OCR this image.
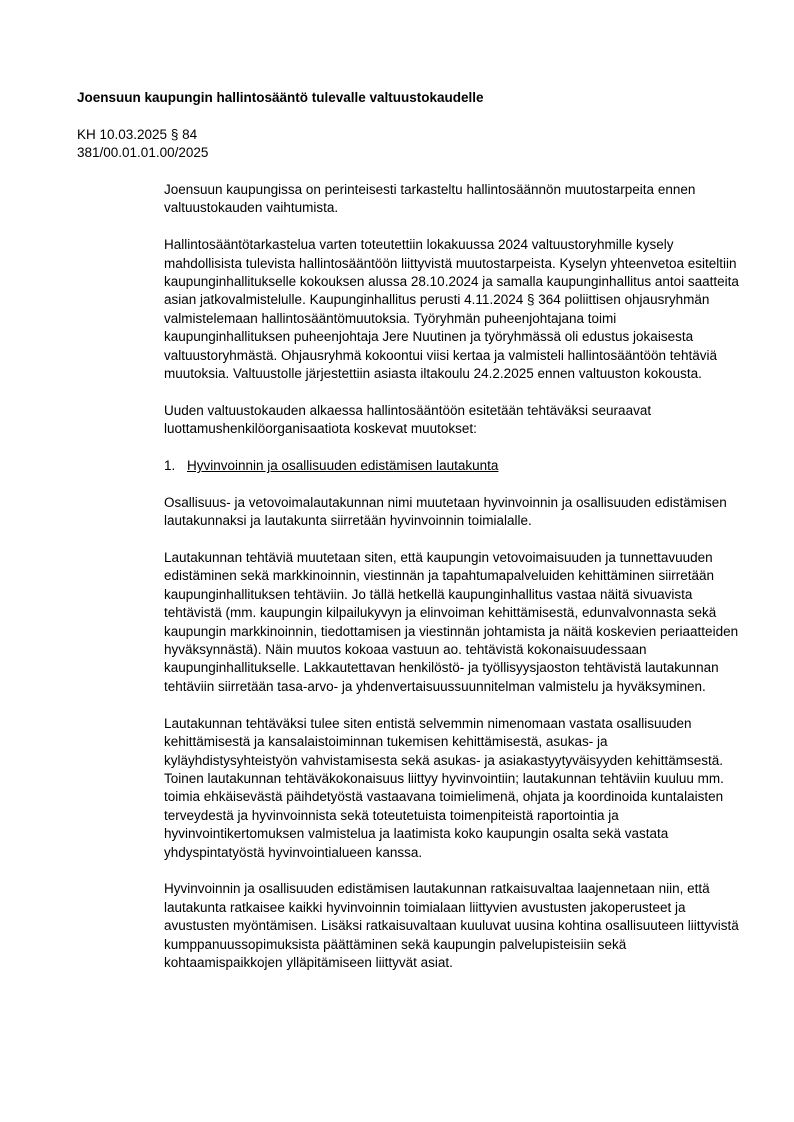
Joensuun kaupungin hallintosääntö tulevalle valtuustokaudelle
KH 10.03.2025 § 84
381/00.01.01.00/2025

Joensuun kaupungissa on perinteisesti tarkasteltu hallintosäännön muutostarpeita ennen valtuustokauden vaihtumista.

Hallintosääntötarkastelua varten toteutettiin lokakuussa 2024 valtuustoryhmille kysely mahdollisista tulevista hallintosääntöön liittyvistä muutostarpeista. Kyselyn yhteenvetoa esiteltiin kaupunginhallitukselle kokouksen alussa 28.10.2024 ja samalla kaupunginhallitus antoi saatteita asian jatkovalmistelulle. Kaupunginhallitus perusti 4.11.2024 § 364 poliittisen ohjausryhmän valmistelemaan hallintosääntömuutoksia. Työryhmän puheenjohtajana toimi kaupunginhallituksen puheenjohtaja Jere Nuutinen ja työryhmässä oli edustus jokaisesta valtuustoryhmästä. Ohjausryhmä kokoontui viisi kertaa ja valmisteli hallintosääntöön tehtäviä muutoksia. Valtuustolle järjestettiin asiasta iltakoulu 24.2.2025 ennen valtuuston kokousta.

Uuden valtuustokauden alkaessa hallintosääntöön esitetään tehtäväksi seuraavat luottamushenkilöorganisaatiota koskevat muutokset:

1. Hyvinvoinnin ja osallisuuden edistämisen lautakunta

Osallisuus- ja vetovoimalautakunnan nimi muutetaan hyvinvoinnin ja osallisuuden edistämisen lautakunnaksi ja lautakunta siirretään hyvinvoinnin toimialalle.

Lautakunnan tehtäviä muutetaan siten, että kaupungin vetovoimaisuuden ja tunnettavuuden edistäminen sekä markkinoinnin, viestinnän ja tapahtumapalveluiden kehittäminen siirretään kaupunginhallituksen tehtäviin. Jo tällä hetkellä kaupunginhallitus vastaa näitä sivuavista tehtävistä (mm. kaupungin kilpailukyvyn ja elinvoiman kehittämisestä, edunvalvonnasta sekä kaupungin markkinoinnin, tiedottamisen ja viestinnän johtamista ja näitä koskevien periaatteiden hyväksynnästä). Näin muutos kokoaa vastuun ao. tehtävistä kokonaisuudessaan kaupunginhallitukselle. Lakkautettavan henkilöstö- ja työllisyysjaoston tehtävistä lautakunnan tehtäviin siirretään tasa-arvo- ja yhdenvertaisuussuunnitelman valmistelu ja hyväksyminen.

Lautakunnan tehtäväksi tulee siten entistä selvemmin nimenomaan vastata osallisuuden kehittämisestä ja kansalaistoiminnan tukemisen kehittämisestä, asukas- ja kyläyhdistysyhteistyön vahvistamisesta sekä asukas- ja asiakastyytyväisyyden kehittämsestä. Toinen lautakunnan tehtäväkokonaisuus liittyy hyvinvointiin; lautakunnan tehtäviin kuuluu mm. toimia ehkäisevästä päihdetyöstä vastaavana toimielimenä, ohjata ja koordinoida kuntalaisten terveydestä ja hyvinvoinnista sekä toteutetuista toimenpiteistä raportointia ja hyvinvointikertomuksen valmistelua ja laatimista koko kaupungin osalta sekä vastata yhdyspintatyöstä hyvinvointialueen kanssa.

Hyvinvoinnin ja osallisuuden edistämisen lautakunnan ratkaisuvaltaa laajennetaan niin, että lautakunta ratkaisee kaikki hyvinvoinnin toimialaan liittyvien avustusten jakoperusteet ja avustusten myöntämisen. Lisäksi ratkaisuvaltaan kuuluvat uusina kohtina osallisuuteen liittyvistä kumppanuussopimuksista päättäminen sekä kaupungin palvelupisteisiin sekä kohtaamispaikkojen ylläpitämiseen liittyvät asiat.
